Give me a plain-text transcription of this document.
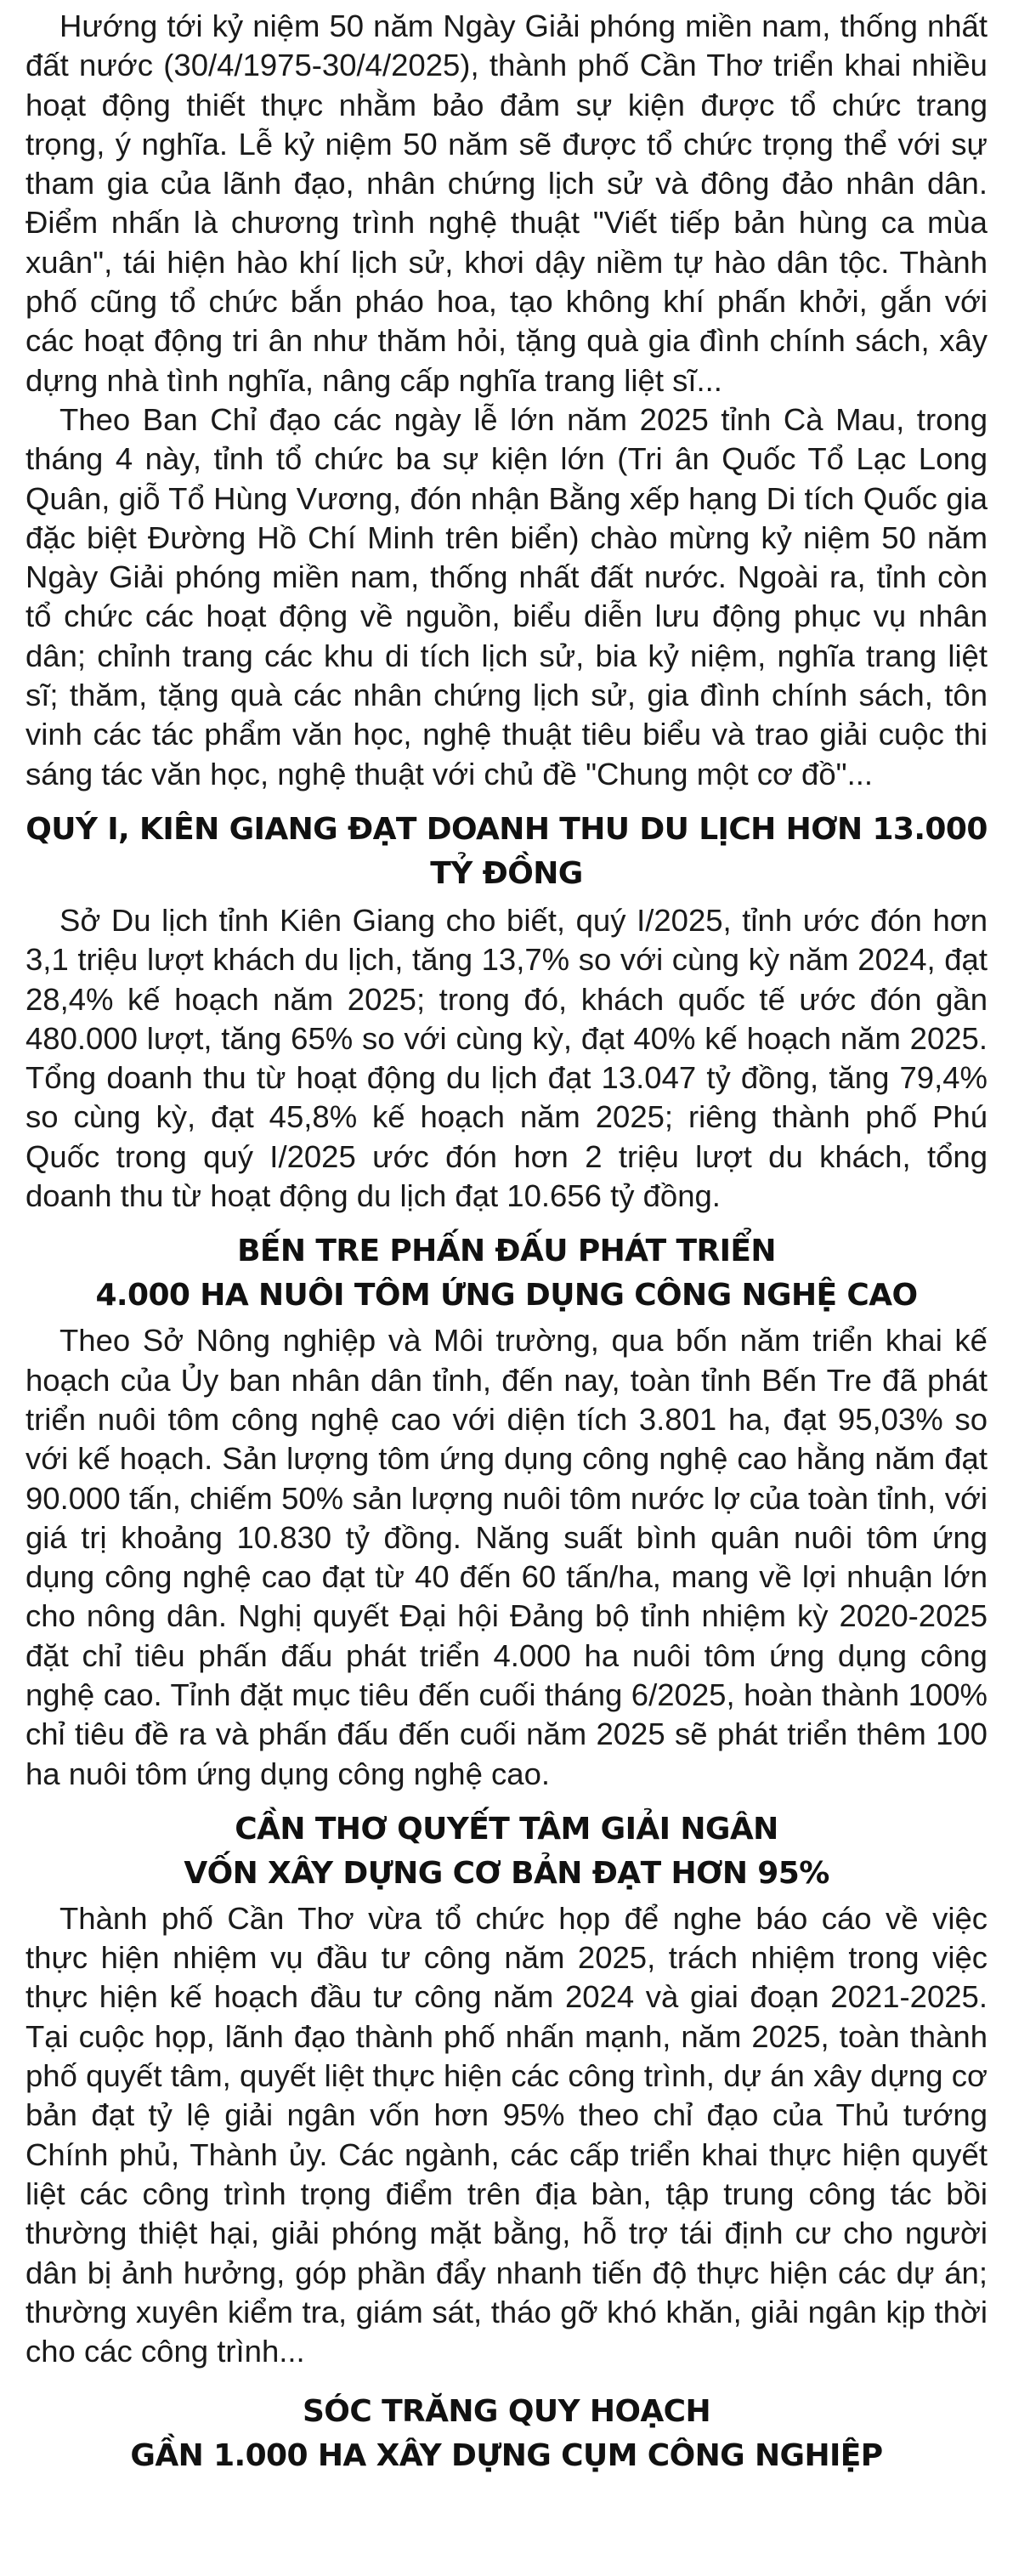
Hướng tới kỷ niệm 50 năm Ngày Giải phóng miền nam, thống nhất đất nước (30/4/1975-30/4/2025), thành phố Cần Thơ triển khai nhiều hoạt động thiết thực nhằm bảo đảm sự kiện được tổ chức trang trọng, ý nghĩa. Lễ kỷ niệm 50 năm sẽ được tổ chức trọng thể với sự tham gia của lãnh đạo, nhân chứng lịch sử và đông đảo nhân dân. Điểm nhấn là chương trình nghệ thuật "Viết tiếp bản hùng ca mùa xuân", tái hiện hào khí lịch sử, khơi dậy niềm tự hào dân tộc. Thành phố cũng tổ chức bắn pháo hoa, tạo không khí phấn khởi, gắn với các hoạt động tri ân như thăm hỏi, tặng quà gia đình chính sách, xây dựng nhà tình nghĩa, nâng cấp nghĩa trang liệt sĩ...

Theo Ban Chỉ đạo các ngày lễ lớn năm 2025 tỉnh Cà Mau, trong tháng 4 này, tỉnh tổ chức ba sự kiện lớn (Tri ân Quốc Tổ Lạc Long Quân, giỗ Tổ Hùng Vương, đón nhận Bằng xếp hạng Di tích Quốc gia đặc biệt Đường Hồ Chí Minh trên biển) chào mừng kỷ niệm 50 năm Ngày Giải phóng miền nam, thống nhất đất nước. Ngoài ra, tỉnh còn tổ chức các hoạt động về nguồn, biểu diễn lưu động phục vụ nhân dân; chỉnh trang các khu di tích lịch sử, bia kỷ niệm, nghĩa trang liệt sĩ; thăm, tặng quà các nhân chứng lịch sử, gia đình chính sách, tôn vinh các tác phẩm văn học, nghệ thuật tiêu biểu và trao giải cuộc thi sáng tác văn học, nghệ thuật với chủ đề "Chung một cơ đồ"...

QUÝ I, KIÊN GIANG ĐẠT DOANH THU DU LỊCH HƠN 13.000 TỶ ĐỒNG

Sở Du lịch tỉnh Kiên Giang cho biết, quý I/2025, tỉnh ước đón hơn 3,1 triệu lượt khách du lịch, tăng 13,7% so với cùng kỳ năm 2024, đạt 28,4% kế hoạch năm 2025; trong đó, khách quốc tế ước đón gần 480.000 lượt, tăng 65% so với cùng kỳ, đạt 40% kế hoạch năm 2025. Tổng doanh thu từ hoạt động du lịch đạt 13.047 tỷ đồng, tăng 79,4% so cùng kỳ, đạt 45,8% kế hoạch năm 2025; riêng thành phố Phú Quốc trong quý I/2025 ước đón hơn 2 triệu lượt du khách, tổng doanh thu từ hoạt động du lịch đạt 10.656 tỷ đồng.

BẾN TRE PHẤN ĐẤU PHÁT TRIỂN
4.000 HA NUÔI TÔM ỨNG DỤNG CÔNG NGHỆ CAO

Theo Sở Nông nghiệp và Môi trường, qua bốn năm triển khai kế hoạch của Ủy ban nhân dân tỉnh, đến nay, toàn tỉnh Bến Tre đã phát triển nuôi tôm công nghệ cao với diện tích 3.801 ha, đạt 95,03% so với kế hoạch. Sản lượng tôm ứng dụng công nghệ cao hằng năm đạt 90.000 tấn, chiếm 50% sản lượng nuôi tôm nước lợ của toàn tỉnh, với giá trị khoảng 10.830 tỷ đồng. Năng suất bình quân nuôi tôm ứng dụng công nghệ cao đạt từ 40 đến 60 tấn/ha, mang về lợi nhuận lớn cho nông dân. Nghị quyết Đại hội Đảng bộ tỉnh nhiệm kỳ 2020-2025 đặt chỉ tiêu phấn đấu phát triển 4.000 ha nuôi tôm ứng dụng công nghệ cao. Tỉnh đặt mục tiêu đến cuối tháng 6/2025, hoàn thành 100% chỉ tiêu đề ra và phấn đấu đến cuối năm 2025 sẽ phát triển thêm 100 ha nuôi tôm ứng dụng công nghệ cao.

CẦN THƠ QUYẾT TÂM GIẢI NGÂN
VỐN XÂY DỰNG CƠ BẢN ĐẠT HƠN 95%

Thành phố Cần Thơ vừa tổ chức họp để nghe báo cáo về việc thực hiện nhiệm vụ đầu tư công năm 2025, trách nhiệm trong việc thực hiện kế hoạch đầu tư công năm 2024 và giai đoạn 2021-2025. Tại cuộc họp, lãnh đạo thành phố nhấn mạnh, năm 2025, toàn thành phố quyết tâm, quyết liệt thực hiện các công trình, dự án xây dựng cơ bản đạt tỷ lệ giải ngân vốn hơn 95% theo chỉ đạo của Thủ tướng Chính phủ, Thành ủy. Các ngành, các cấp triển khai thực hiện quyết liệt các công trình trọng điểm trên địa bàn, tập trung công tác bồi thường thiệt hại, giải phóng mặt bằng, hỗ trợ tái định cư cho người dân bị ảnh hưởng, góp phần đẩy nhanh tiến độ thực hiện các dự án; thường xuyên kiểm tra, giám sát, tháo gỡ khó khăn, giải ngân kịp thời cho các công trình...

SÓC TRĂNG QUY HOẠCH
GẦN 1.000 HA XÂY DỰNG CỤM CÔNG NGHIỆP
